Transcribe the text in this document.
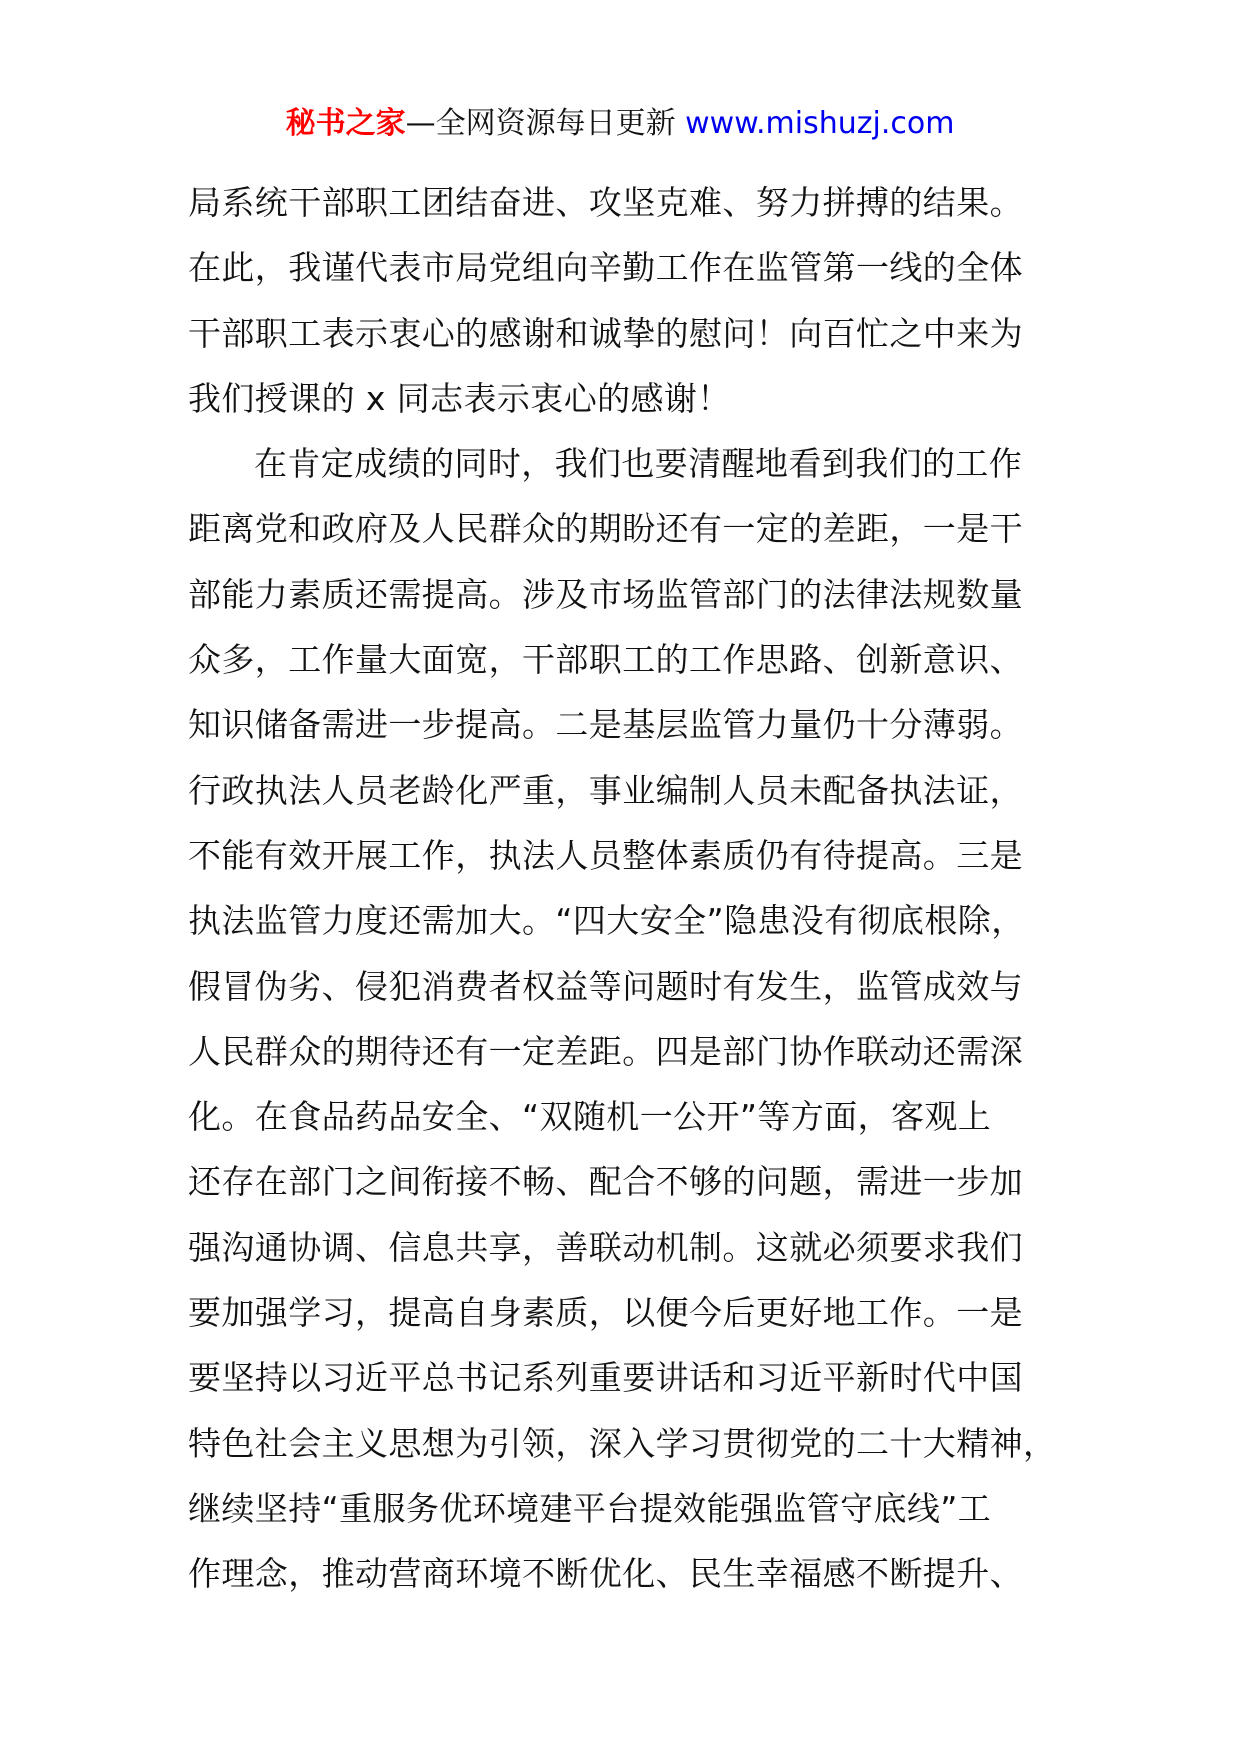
秘书之家—全网资源每日更新 www.mishuzj.com
局系统干部职工团结奋进、攻坚克难、努力拼搏的结果。
在此，我谨代表市局党组向辛勤工作在监管第一线的全体
干部职工表示衷心的感谢和诚挚的慰问！向百忙之中来为
我们授课的 x 同志表示衷心的感谢！
在肯定成绩的同时，我们也要清醒地看到我们的工作
距离党和政府及人民群众的期盼还有一定的差距，一是干
部能力素质还需提高。涉及市场监管部门的法律法规数量
众多，工作量大面宽，干部职工的工作思路、创新意识、
知识储备需进一步提高。二是基层监管力量仍十分薄弱。
行政执法人员老龄化严重，事业编制人员未配备执法证，
不能有效开展工作，执法人员整体素质仍有待提高。三是
执法监管力度还需加大。“四大安全”隐患没有彻底根除，
假冒伪劣、侵犯消费者权益等问题时有发生，监管成效与
人民群众的期待还有一定差距。四是部门协作联动还需深
化。在食品药品安全、“双随机一公开”等方面，客观上
还存在部门之间衔接不畅、配合不够的问题，需进一步加
强沟通协调、信息共享，善联动机制。这就必须要求我们
要加强学习，提高自身素质，以便今后更好地工作。一是
要坚持以习近平总书记系列重要讲话和习近平新时代中国
特色社会主义思想为引领，深入学习贯彻党的二十大精神，
继续坚持“重服务优环境建平台提效能强监管守底线”工
作理念，推动营商环境不断优化、民生幸福感不断提升、
